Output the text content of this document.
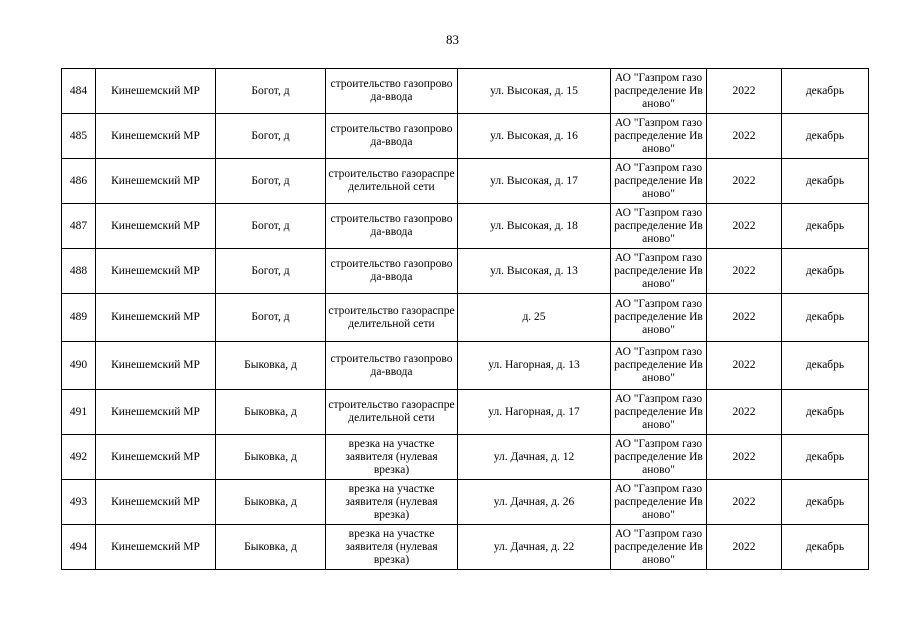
83
484	Кинешемский МР	Богот, д	строительство газопровода-ввода	ул. Высокая, д. 15	АО "Газпром газораспределение Иваново"	2022	декабрь
485	Кинешемский МР	Богот, д	строительство газопровода-ввода	ул. Высокая, д. 16	АО "Газпром газораспределение Иваново"	2022	декабрь
486	Кинешемский МР	Богот, д	строительство газораспределительной сети	ул. Высокая, д. 17	АО "Газпром газораспределение Иваново"	2022	декабрь
487	Кинешемский МР	Богот, д	строительство газопровода-ввода	ул. Высокая, д. 18	АО "Газпром газораспределение Иваново"	2022	декабрь
488	Кинешемский МР	Богот, д	строительство газопровода-ввода	ул. Высокая, д. 13	АО "Газпром газораспределение Иваново"	2022	декабрь
489	Кинешемский МР	Богот, д	строительство газораспределительной сети	д. 25	АО "Газпром газораспределение Иваново"	2022	декабрь
490	Кинешемский МР	Быковка, д	строительство газопровода-ввода	ул. Нагорная, д. 13	АО "Газпром газораспределение Иваново"	2022	декабрь
491	Кинешемский МР	Быковка, д	строительство газораспределительной сети	ул. Нагорная, д. 17	АО "Газпром газораспределение Иваново"	2022	декабрь
492	Кинешемский МР	Быковка, д	врезка на участке заявителя (нулевая врезка)	ул. Дачная, д. 12	АО "Газпром газораспределение Иваново"	2022	декабрь
493	Кинешемский МР	Быковка, д	врезка на участке заявителя (нулевая врезка)	ул. Дачная, д. 26	АО "Газпром газораспределение Иваново"	2022	декабрь
494	Кинешемский МР	Быковка, д	врезка на участке заявителя (нулевая врезка)	ул. Дачная, д. 22	АО "Газпром газораспределение Иваново"	2022	декабрь
